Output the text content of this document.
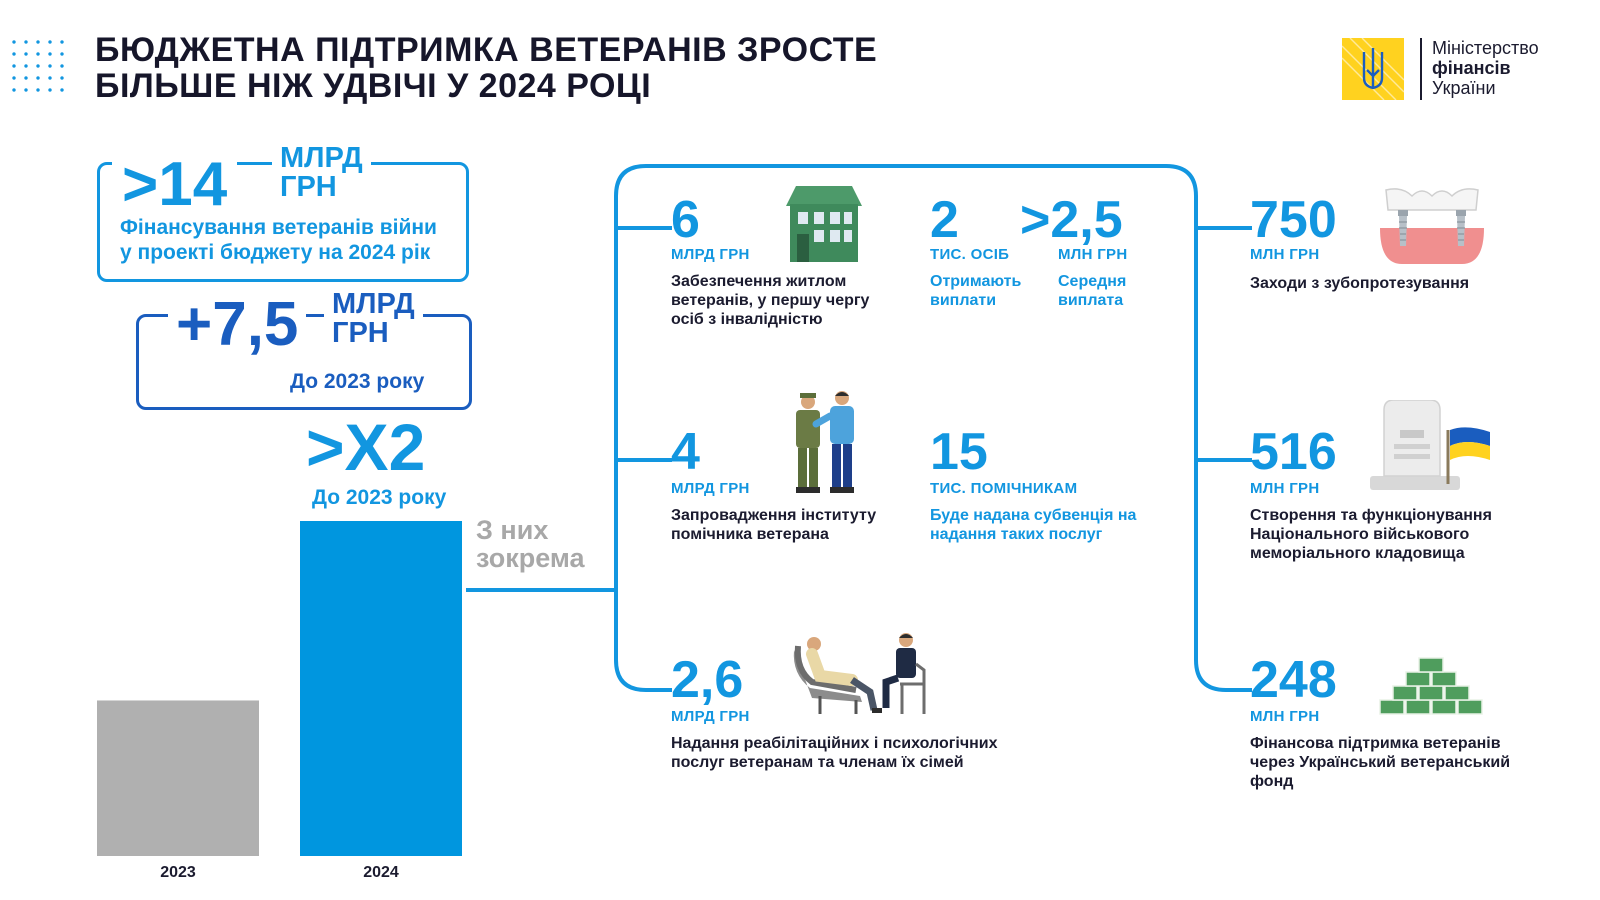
БЮДЖЕТНА ПІДТРИМКА ВЕТЕРАНІВ ЗРОСТЕ
БІЛЬШЕ НІЖ УДВІЧІ У 2024 РОЦІ
Міністерство
фінансів
України
>14	МЛРД
ГРН
Фінансування ветеранів війни
у проекті бюджету на 2024 рік
+7,5 МЛРД
ГРН
До 2023 року
>X2
До 2023 року
2023	2024
З них
зокрема
6
МЛРД ГРН
Забезпечення житлом
ветеранів, у першу чергу
осіб з інвалідністю
2
ТИС. ОСІБ
Отримають
виплати
>2,5
МЛН ГРН
Середня
виплата
4
МЛРД ГРН
Запровадження інституту
помічника ветерана
15
ТИС. ПОМІЧНИКАМ
Буде надана субвенція на
надання таких послуг
2,6
МЛРД ГРН
Надання реабілітаційних і психологічних
послуг ветеранам та членам їх сімей
750
МЛН ГРН
Заходи з зубопротезування
516
МЛН ГРН
Створення та функціонування
Національного військового
меморіального кладовища
248
МЛН ГРН
Фінансова підтримка ветеранів
через Український ветеранський
фонд
